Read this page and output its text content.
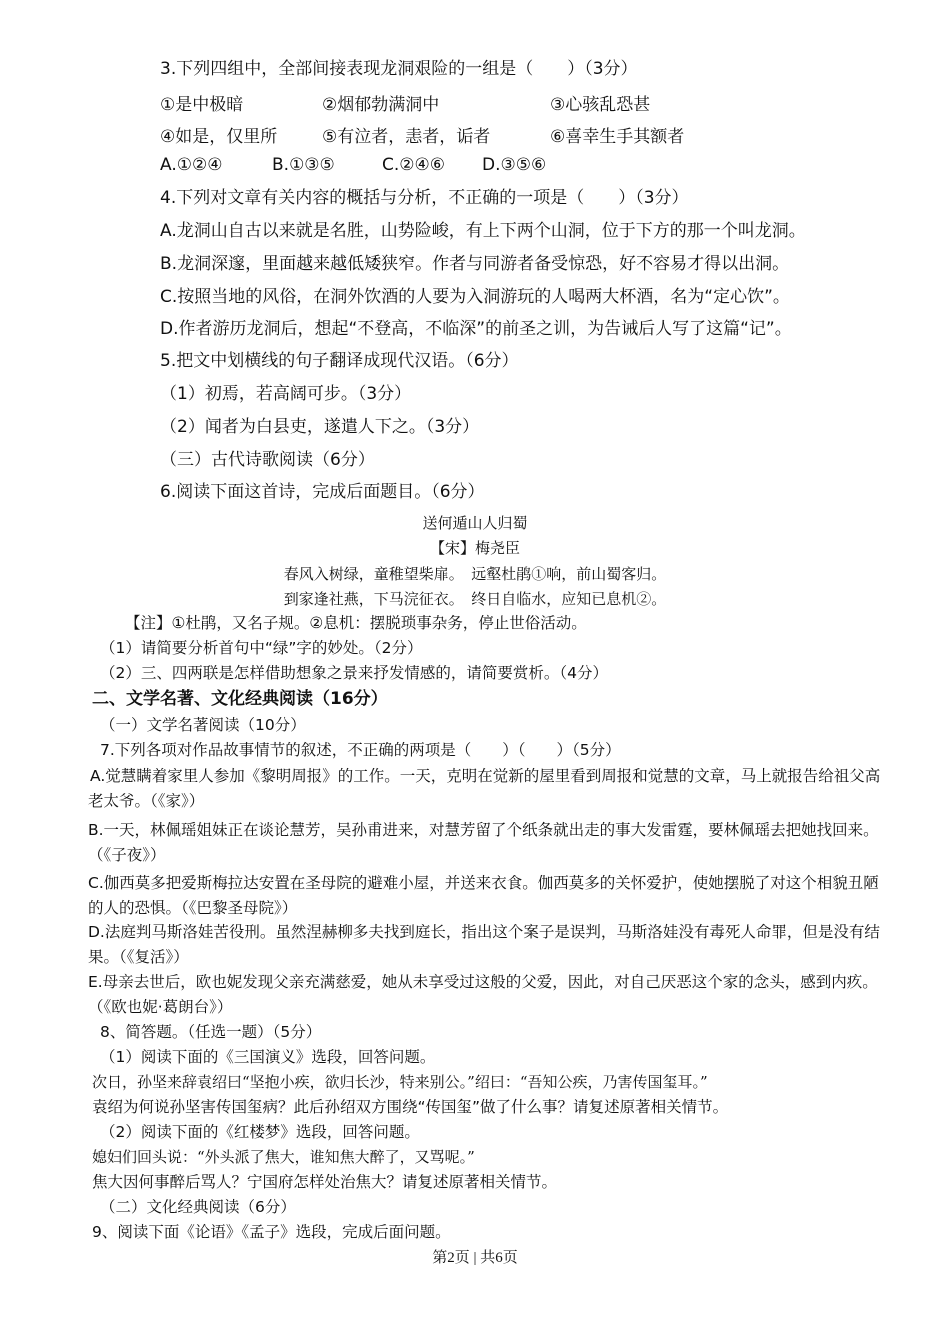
3.下列四组中，全部间接表现龙洞艰险的一组是（　　）（3分）
①是中极暗	②烟郁勃满洞中	③心骇乱恐甚
④如是，仅里所	⑤有泣者，恚者，诟者	⑥喜幸生手其额者
A.①②④	B.①③⑤	C.②④⑥ D.③⑤⑥
4.下列对文章有关内容的概括与分析，不正确的一项是（　　）（3分）
A.龙洞山自古以来就是名胜，山势险峻，有上下两个山洞，位于下方的那一个叫龙洞。
B.龙洞深邃，里面越来越低矮狭窄。作者与同游者备受惊恐，好不容易才得以出洞。
C.按照当地的风俗，在洞外饮酒的人要为入洞游玩的人喝两大杯酒，名为“定心饮”。
D.作者游历龙洞后，想起“不登高，不临深”的前圣之训，为告诫后人写了这篇“记”。
5.把文中划横线的句子翻译成现代汉语。（6分）
（1）初焉，若高阔可步。（3分）
（2）闻者为白县吏，遂遣人下之。（3分）
（三）古代诗歌阅读（6分）
6.阅读下面这首诗，完成后面题目。（6分）
送何遁山人归蜀
【宋】梅尧臣
春风入树绿，童稚望柴扉。　远壑杜鹃①响，前山蜀客归。
到家逢社燕，下马浣征衣。　终日自临水，应知已息机②。
【注】①杜鹃，又名子规。②息机：摆脱琐事杂务，停止世俗活动。
（1）请简要分析首句中“绿”字的妙处。（2分）
（2）三、四两联是怎样借助想象之景来抒发情感的，请简要赏析。（4分）
二、文学名著、文化经典阅读（16分）
（一）文学名著阅读（10分）
7.下列各项对作品故事情节的叙述，不正确的两项是（　　）（　　）（5分）
A.觉慧瞒着家里人参加《黎明周报》的工作。一天，克明在觉新的屋里看到周报和觉慧的文章，马上就报告给祖父高老太爷。（《家》）
B.一天，林佩瑶姐妹正在谈论慧芳，吴孙甫进来，对慧芳留了个纸条就出走的事大发雷霆，要林佩瑶去把她找回来。（《子夜》）
C.伽西莫多把爱斯梅拉达安置在圣母院的避难小屋，并送来衣食。伽西莫多的关怀爱护，使她摆脱了对这个相貌丑陋的人的恐惧。（《巴黎圣母院》）
D.法庭判马斯洛娃苦役刑。虽然涅赫柳多夫找到庭长，指出这个案子是误判，马斯洛娃没有毒死人命罪，但是没有结果。（《复活》）
E.母亲去世后，欧也妮发现父亲充满慈爱，她从未享受过这般的父爱，因此，对自己厌恶这个家的念头，感到内疚。（《欧也妮·葛朗台》）
8、简答题。（任选一题）（5分）
（1）阅读下面的《三国演义》选段，回答问题。
次日，孙坚来辞袁绍曰“坚抱小疾，欲归长沙，特来别公。”绍曰：“吾知公疾，乃害传国玺耳。”
袁绍为何说孙坚害传国玺病？此后孙绍双方围绕“传国玺”做了什么事？请复述原著相关情节。
（2）阅读下面的《红楼梦》选段，回答问题。
媳妇们回头说：“外头派了焦大，谁知焦大醉了，又骂呢。”
焦大因何事醉后骂人？宁国府怎样处治焦大？请复述原著相关情节。
（二）文化经典阅读（6分）
9、阅读下面《论语》《孟子》选段，完成后面问题。
第2页 | 共6页
